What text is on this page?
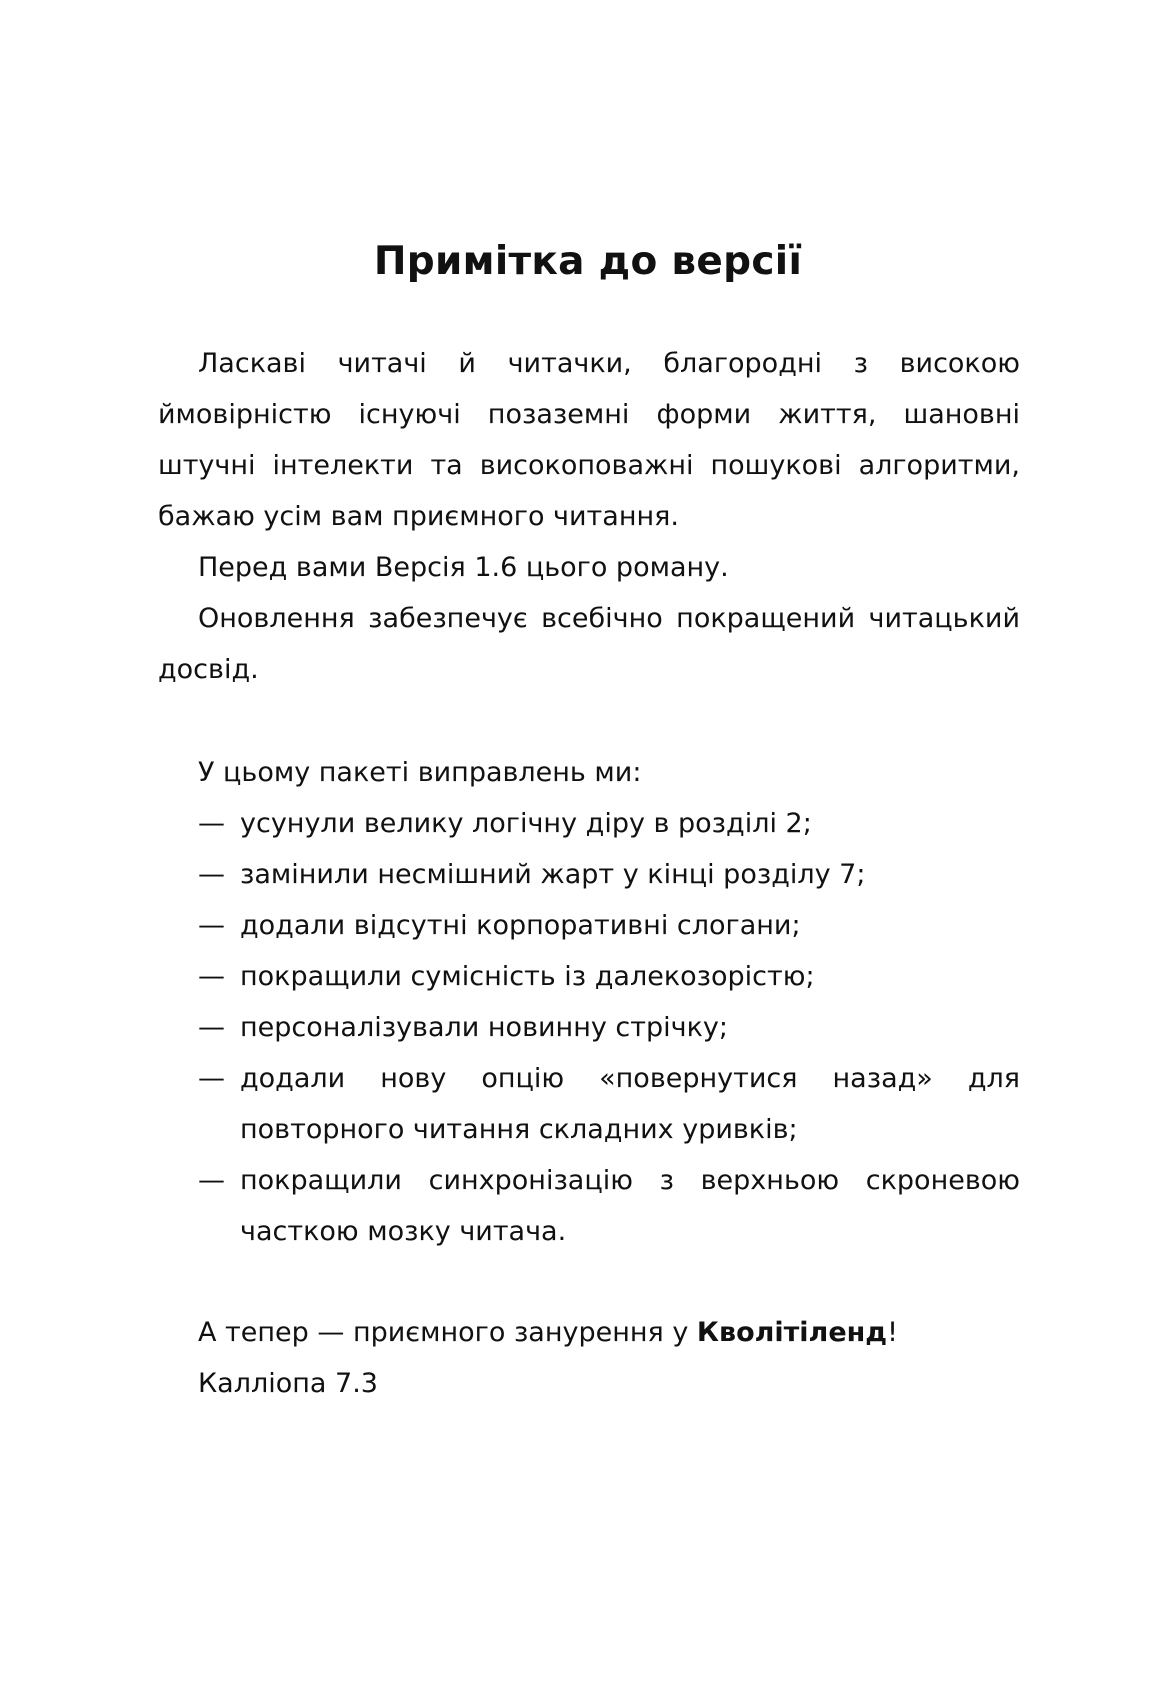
Примітка до версії

Ласкаві читачі й читачки, благородні з високою ймовірністю існуючі позаземні форми життя, шановні штучні інтелекти та високоповажні пошукові алгоритми, бажаю усім вам приємного читання.

Перед вами Версія 1.6 цього роману.

Оновлення забезпечує всебічно покращений читацький досвід.

У цьому пакеті виправлень ми:
— усунули велику логічну діру в розділі 2;
— замінили несмішний жарт у кінці розділу 7;
— додали відсутні корпоративні слогани;
— покращили сумісність із далекозорістю;
— персоналізували новинну стрічку;
— додали нову опцію «повернутися назад» для повторного читання складних уривків;
— покращили синхронізацію з верхньою скроневою часткою мозку читача.

А тепер — приємного занурення у Кволітіленд!

Калліопа 7.3
